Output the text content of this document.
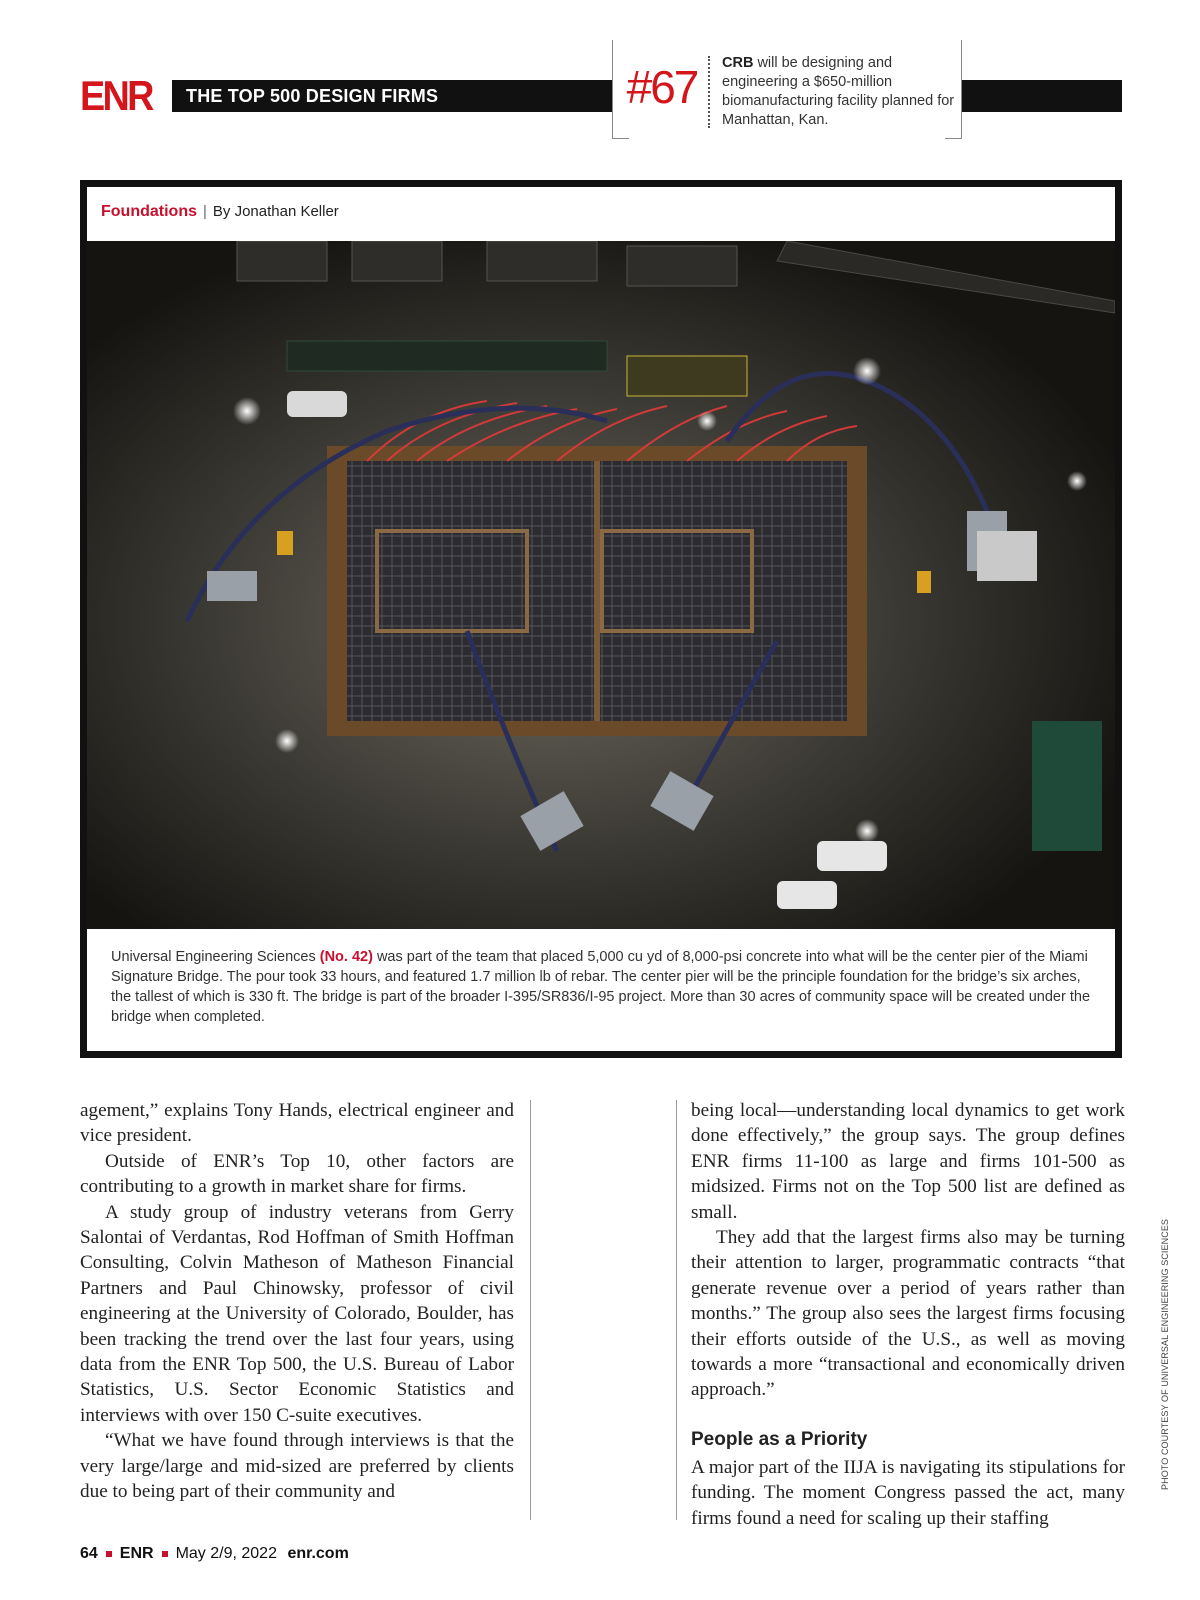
ENR THE TOP 500 DESIGN FIRMS	#67	CRB will be designing and engineering a $650-million biomanufacturing facility planned for Manhattan, Kan.
Foundations | By Jonathan Keller
Universal Engineering Sciences (No. 42) was part of the team that placed 5,000 cu yd of 8,000-psi concrete into what will be the center pier of the Miami Signature Bridge. The pour took 33 hours, and featured 1.7 million lb of rebar. The center pier will be the principle foundation for the bridge’s six arches, the tallest of which is 330 ft. The bridge is part of the broader I-395/SR836/I-95 project. More than 30 acres of community space will be created under the bridge when completed.

agement,” explains Tony Hands, electrical engineer and vice president.

Outside of ENR’s Top 10, other factors are contributing to a growth in market share for firms.

A study group of industry veterans from Gerry Salontai of Verdantas, Rod Hoffman of Smith Hoffman Consulting, Colvin Matheson of Matheson Financial Partners and Paul Chinowsky, professor of civil engineering at the University of Colorado, Boulder, has been tracking the trend over the last four years, using data from the ENR Top 500, the U.S. Bureau of Labor Statistics, U.S. Sector Economic Statistics and interviews with over 150 C-suite executives.

“What we have found through interviews is that the very large/large and mid-sized are preferred by clients due to being part of their community and

being local—understanding local dynamics to get work done effectively,” the group says. The group defines ENR firms 11-100 as large and firms 101-500 as midsized. Firms not on the Top 500 list are defined as small.

They add that the largest firms also may be turning their attention to larger, programmatic contracts “that generate revenue over a period of years rather than months.” The group also sees the largest firms focusing their efforts outside of the U.S., as well as moving towards a more “transactional and economically driven approach.”

People as a Priority

A major part of the IIJA is navigating its stipulations for funding. The moment Congress passed the act, many firms found a need for scaling up their staffing

PHOTO COURTESY OF UNIVERSAL ENGINEERING SCIENCES
64 ENR May 2/9, 2022 enr.com
